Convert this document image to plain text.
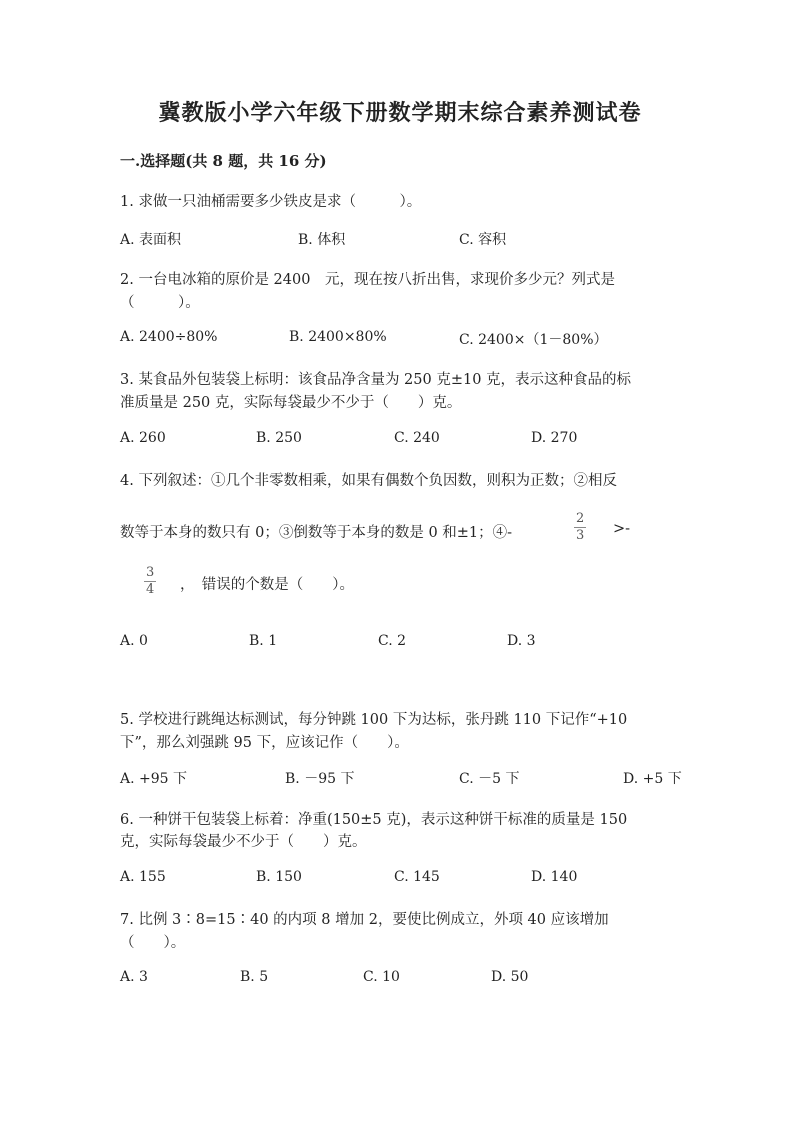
冀教版小学六年级下册数学期末综合素养测试卷
一.选择题(共 8 题，共 16 分)
1. 求做一只油桶需要多少铁皮是求（　　　）。
A. 表面积	B. 体积	C. 容积
2. 一台电冰箱的原价是 2400　元，现在按八折出售，求现价多少元？列式是
（　　　）。
A. 2400÷80%	B. 2400×80%	C. 2400×（1－80%）
3. 某食品外包装袋上标明：该食品净含量为 250 克±10 克，表示这种食品的标
准质量是 250 克，实际每袋最少不少于（　　）克。
A. 260	B. 250	C. 240	D. 270
4. 下列叙述：①几个非零数相乘，如果有偶数个负因数，则积为正数；②相反
数等于本身的数只有 0；③倒数等于本身的数是 0 和±1；④-	$\frac{2}{3}$ >-
$\frac{3}{4}$ ，　错误的个数是（　　）。
A. 0	B. 1	C. 2	D. 3
5. 学校进行跳绳达标测试，每分钟跳 100 下为达标，张丹跳 110 下记作“+10
下”，那么刘强跳 95 下，应该记作（　　）。
A. +95 下	B. －95 下	C. －5 下	D. +5 下
6. 一种饼干包装袋上标着：净重(150±5 克)，表示这种饼干标准的质量是 150
克，实际每袋最少不少于（　　）克。
A. 155	B. 150	C. 145	D. 140
7. 比例 3∶8=15∶40 的内项 8 增加 2，要使比例成立，外项 40 应该增加
（　　）。
A. 3	B. 5	C. 10	D. 50
